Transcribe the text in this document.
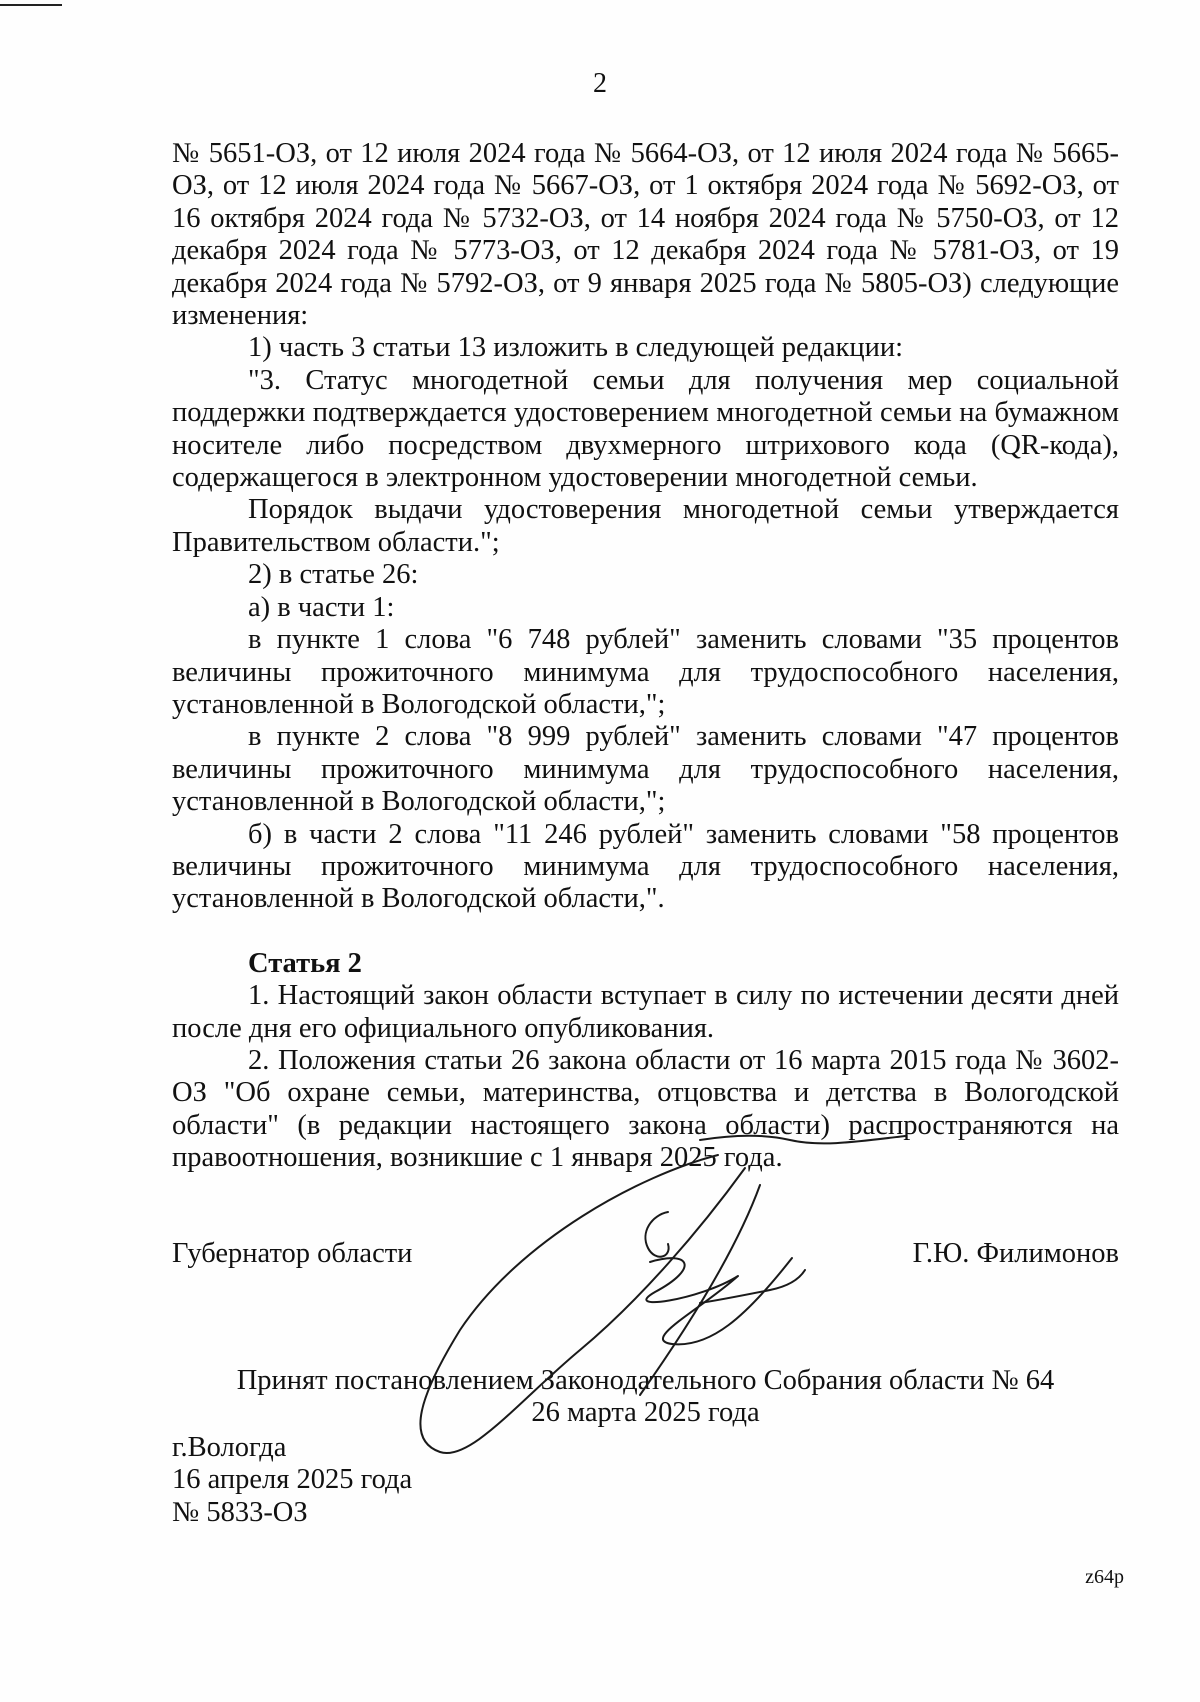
2

№ 5651-ОЗ, от 12 июля 2024 года № 5664-ОЗ, от 12 июля 2024 года № 5665-ОЗ, от 12 июля 2024 года № 5667-ОЗ, от 1 октября 2024 года № 5692-ОЗ, от 16 октября 2024 года № 5732-ОЗ, от 14 ноября 2024 года № 5750-ОЗ, от 12 декабря 2024 года № 5773-ОЗ, от 12 декабря 2024 года № 5781-ОЗ, от 19 декабря 2024 года № 5792-ОЗ, от 9 января 2025 года № 5805-ОЗ) следующие изменения:

1) часть 3 статьи 13 изложить в следующей редакции:

"3. Статус многодетной семьи для получения мер социальной поддержки подтверждается удостоверением многодетной семьи на бумажном носителе либо посредством двухмерного штрихового кода (QR-кода), содержащегося в электронном удостоверении многодетной семьи.

Порядок выдачи удостоверения многодетной семьи утверждается Правительством области.";

2) в статье 26:

а) в части 1:

в пункте 1 слова "6 748 рублей" заменить словами "35 процентов величины прожиточного минимума для трудоспособного населения, установленной в Вологодской области,";

в пункте 2 слова "8 999 рублей" заменить словами "47 процентов величины прожиточного минимума для трудоспособного населения, установленной в Вологодской области,";

б) в части 2 слова "11 246 рублей" заменить словами "58 процентов величины прожиточного минимума для трудоспособного населения, установленной в Вологодской области,".

Статья 2

1. Настоящий закон области вступает в силу по истечении десяти дней после дня его официального опубликования.

2. Положения статьи 26 закона области от 16 марта 2015 года № 3602-ОЗ "Об охране семьи, материнства, отцовства и детства в Вологодской области" (в редакции настоящего закона области) распространяются на правоотношения, возникшие с 1 января 2025 года.

Губернатор области	Г.Ю. Филимонов
Принят постановлением Законодательного Собрания области № 64
26 марта 2025 года
г.Вологда
16 апреля 2025 года
№ 5833-ОЗ
z64p
